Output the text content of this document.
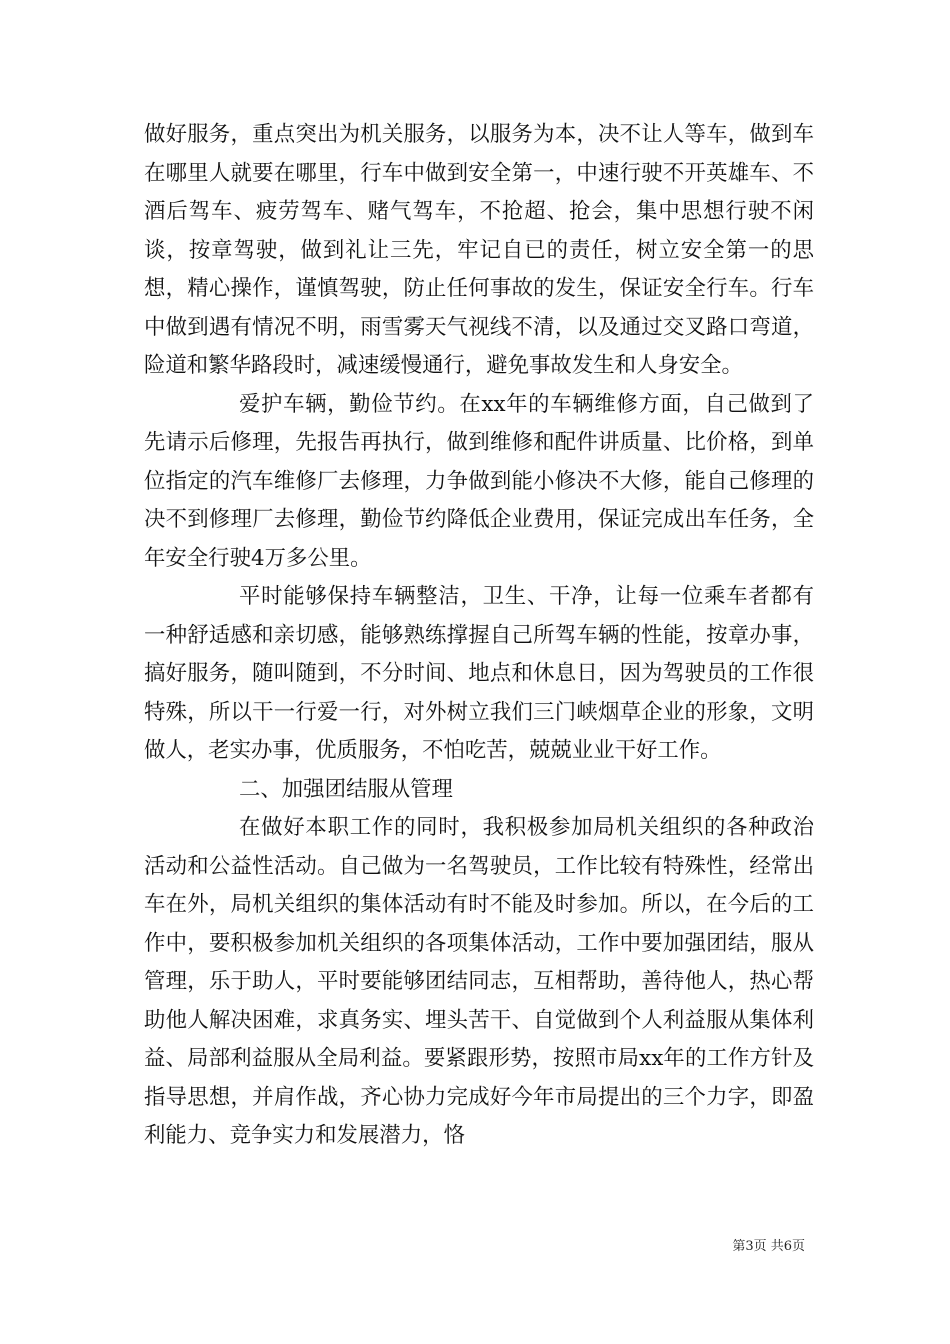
做好服务，重点突出为机关服务，以服务为本，决不让人等车，做到车在哪里人就要在哪里，行车中做到安全第一，中速行驶不开英雄车、不酒后驾车、疲劳驾车、赌气驾车，不抢超、抢会，集中思想行驶不闲谈，按章驾驶，做到礼让三先，牢记自已的责任，树立安全第一的思想，精心操作，谨慎驾驶，防止任何事故的发生，保证安全行车。行车中做到遇有情况不明，雨雪雾天气视线不清，以及通过交叉路口弯道，险道和繁华路段时，减速缓慢通行，避免事故发生和人身安全。

爱护车辆，勤俭节约。在xx年的车辆维修方面，自己做到了先请示后修理，先报告再执行，做到维修和配件讲质量、比价格，到单位指定的汽车维修厂去修理，力争做到能小修决不大修，能自己修理的决不到修理厂去修理，勤俭节约降低企业费用，保证完成出车任务，全年安全行驶4万多公里。

平时能够保持车辆整洁，卫生、干净，让每一位乘车者都有一种舒适感和亲切感，能够熟练撑握自己所驾车辆的性能，按章办事，搞好服务，随叫随到，不分时间、地点和休息日，因为驾驶员的工作很特殊，所以干一行爱一行，对外树立我们三门峡烟草企业的形象，文明做人，老实办事，优质服务，不怕吃苦，兢兢业业干好工作。

二、加强团结服从管理

在做好本职工作的同时，我积极参加局机关组织的各种政治活动和公益性活动。自己做为一名驾驶员，工作比较有特殊性，经常出车在外，局机关组织的集体活动有时不能及时参加。所以，在今后的工作中，要积极参加机关组织的各项集体活动，工作中要加强团结，服从管理，乐于助人，平时要能够团结同志，互相帮助，善待他人，热心帮助他人解决困难，求真务实、埋头苦干、自觉做到个人利益服从集体利益、局部利益服从全局利益。要紧跟形势，按照市局xx年的工作方针及指导思想，并肩作战，齐心协力完成好今年市局提出的三个力字，即盈利能力、竞争实力和发展潜力，恪

第3页 共6页
